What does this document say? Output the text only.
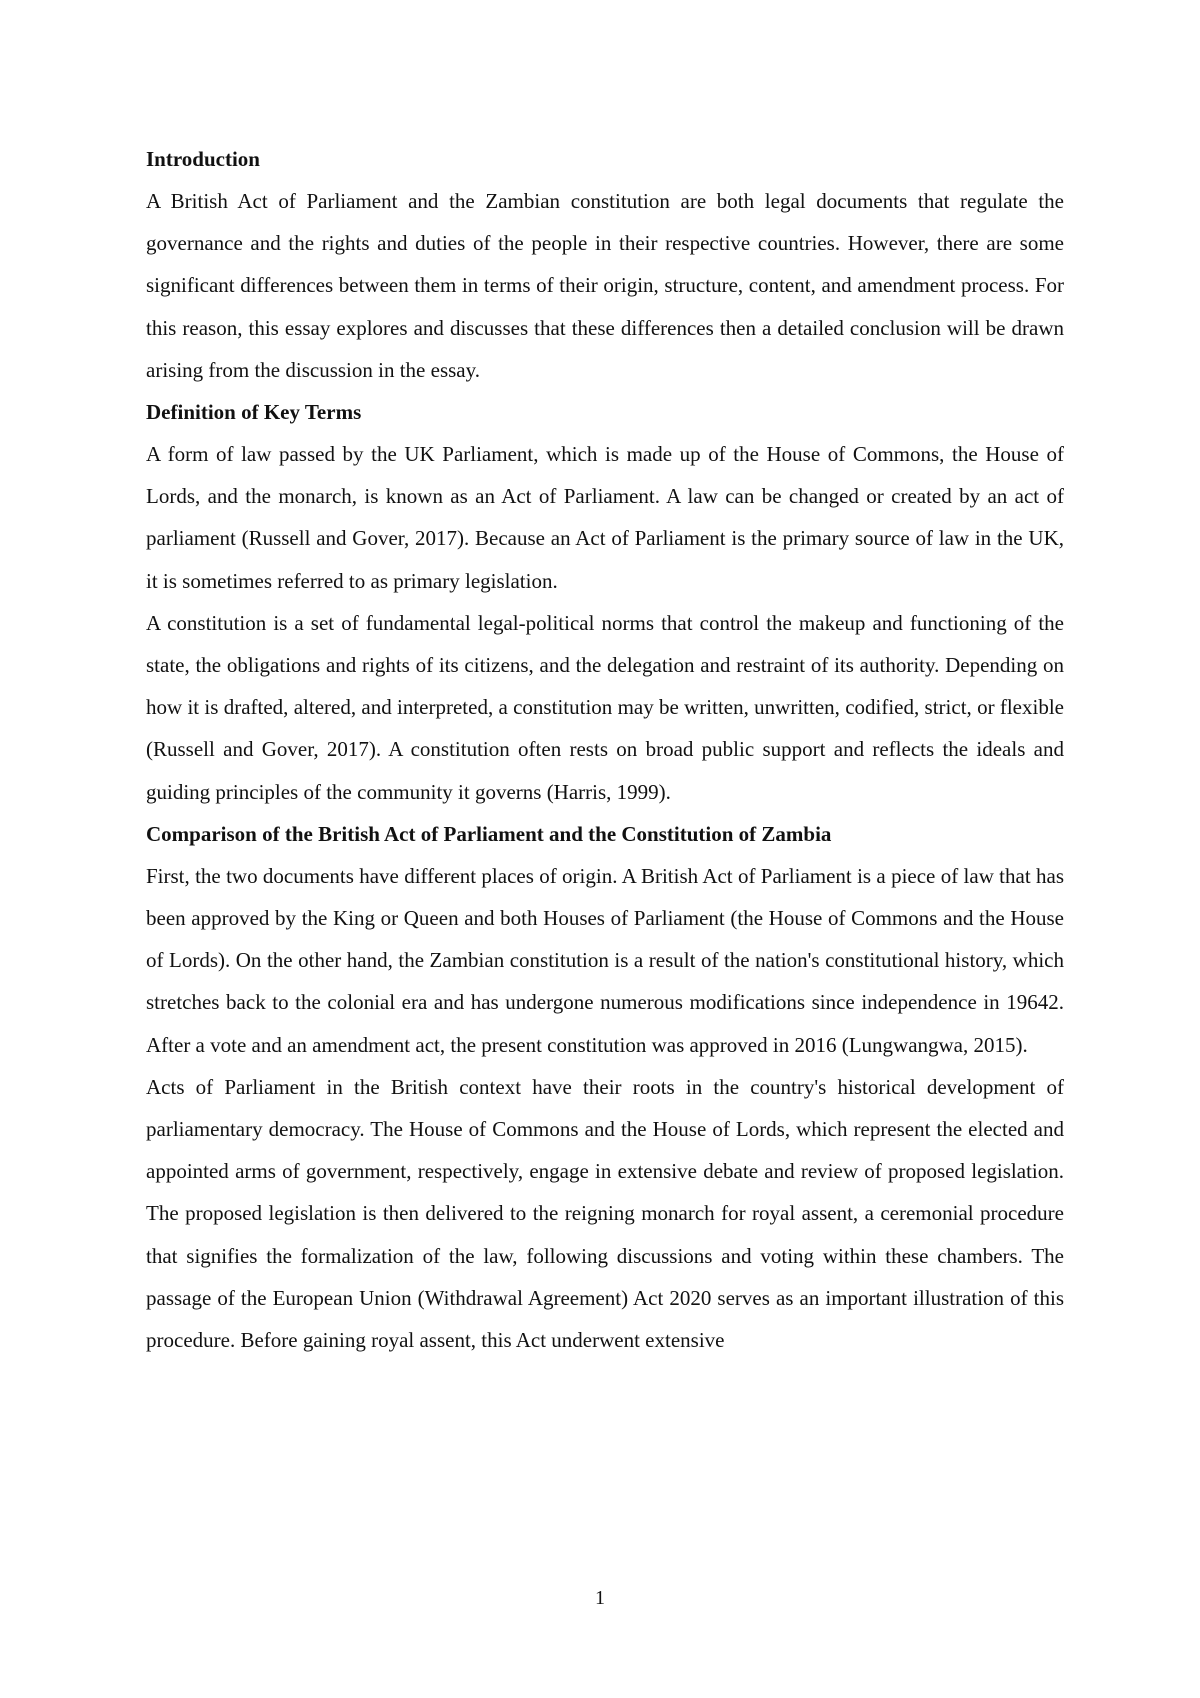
Introduction

A British Act of Parliament and the Zambian constitution are both legal documents that regulate the governance and the rights and duties of the people in their respective countries. However, there are some significant differences between them in terms of their origin, structure, content, and amendment process. For this reason, this essay explores and discusses that these differences then a detailed conclusion will be drawn arising from the discussion in the essay.

Definition of Key Terms

A form of law passed by the UK Parliament, which is made up of the House of Commons, the House of Lords, and the monarch, is known as an Act of Parliament. A law can be changed or created by an act of parliament (Russell and Gover, 2017). Because an Act of Parliament is the primary source of law in the UK, it is sometimes referred to as primary legislation.

A constitution is a set of fundamental legal-political norms that control the makeup and functioning of the state, the obligations and rights of its citizens, and the delegation and restraint of its authority. Depending on how it is drafted, altered, and interpreted, a constitution may be written, unwritten, codified, strict, or flexible (Russell and Gover, 2017). A constitution often rests on broad public support and reflects the ideals and guiding principles of the community it governs (Harris, 1999).

Comparison of the British Act of Parliament and the Constitution of Zambia

First, the two documents have different places of origin. A British Act of Parliament is a piece of law that has been approved by the King or Queen and both Houses of Parliament (the House of Commons and the House of Lords). On the other hand, the Zambian constitution is a result of the nation's constitutional history, which stretches back to the colonial era and has undergone numerous modifications since independence in 19642. After a vote and an amendment act, the present constitution was approved in 2016 (Lungwangwa, 2015).

Acts of Parliament in the British context have their roots in the country's historical development of parliamentary democracy. The House of Commons and the House of Lords, which represent the elected and appointed arms of government, respectively, engage in extensive debate and review of proposed legislation. The proposed legislation is then delivered to the reigning monarch for royal assent, a ceremonial procedure that signifies the formalization of the law, following discussions and voting within these chambers. The passage of the European Union (Withdrawal Agreement) Act 2020 serves as an important illustration of this procedure. Before gaining royal assent, this Act underwent extensive

1
